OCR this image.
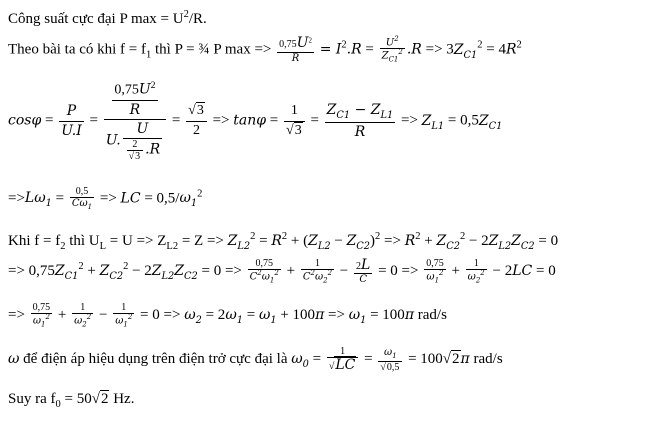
Công suất cực đại P $\max = U^2/R$.
Theo bài ta có khi $f = f_1$ thì P = ¾ P $\max => \frac{0,75U^2}{R} = I^2.R = \frac{U^2}{Z_{C1}^2} .R => 3Z_{C1}^2 = 4R^2$
$\cos\varphi = \frac{P}{U.I} = \frac{\frac{0,75U^2}{R}}{U. \frac{U}{\frac{2}{√3} .R}} = \frac{√3}{2} => \tan\varphi = \frac{1}{√3} = \frac{Z_{C1} - Z_{L1}}{R} => Z_{L1} = 0,5Z_{C1}$
$=>L\omega_1 = \frac{0,5}{C\omega_1}$ => LC = $0,5/\omega_1^2$
Khi $f = f_2$ thì $U_L = U => Z_{L2} = Z => Z_{L2}^2 = R^2 + (Z_{L2} - Z_{C2})^2 => R^2 + Z_{C2}^2 - 2Z_{L2}Z_{C2} = 0$
=> $0,75Z_{C1}^2 + Z_{C2}^2 - 2Z_{L2}Z_{C2} = 0 => \frac{0,75}{C^2\omega_1^2} + \frac{1}{C^2\omega_2^2} - \frac{2L}{C} = 0 => \frac{0,75}{\omega_1^2} + \frac{1}{\omega_2^2} - 2LC = 0$
=> $\frac{0,75}{\omega_1^2} + \frac{1}{\omega_2^2} - \frac{1}{\omega_1^2} = 0 => \omega_2 = 2\omega_1 = \omega_1 + 100\pi => \omega_1 = 100\pi$ rad/s
ω để điện áp hiệu dụng trên điện trở cực đại là $\omega_0 = \frac{1}{√LC} = \frac{\omega_1}{√0,5} = 100√2\pi$ rad/s
Suy ra $f_0 = 50√2$ Hz.
